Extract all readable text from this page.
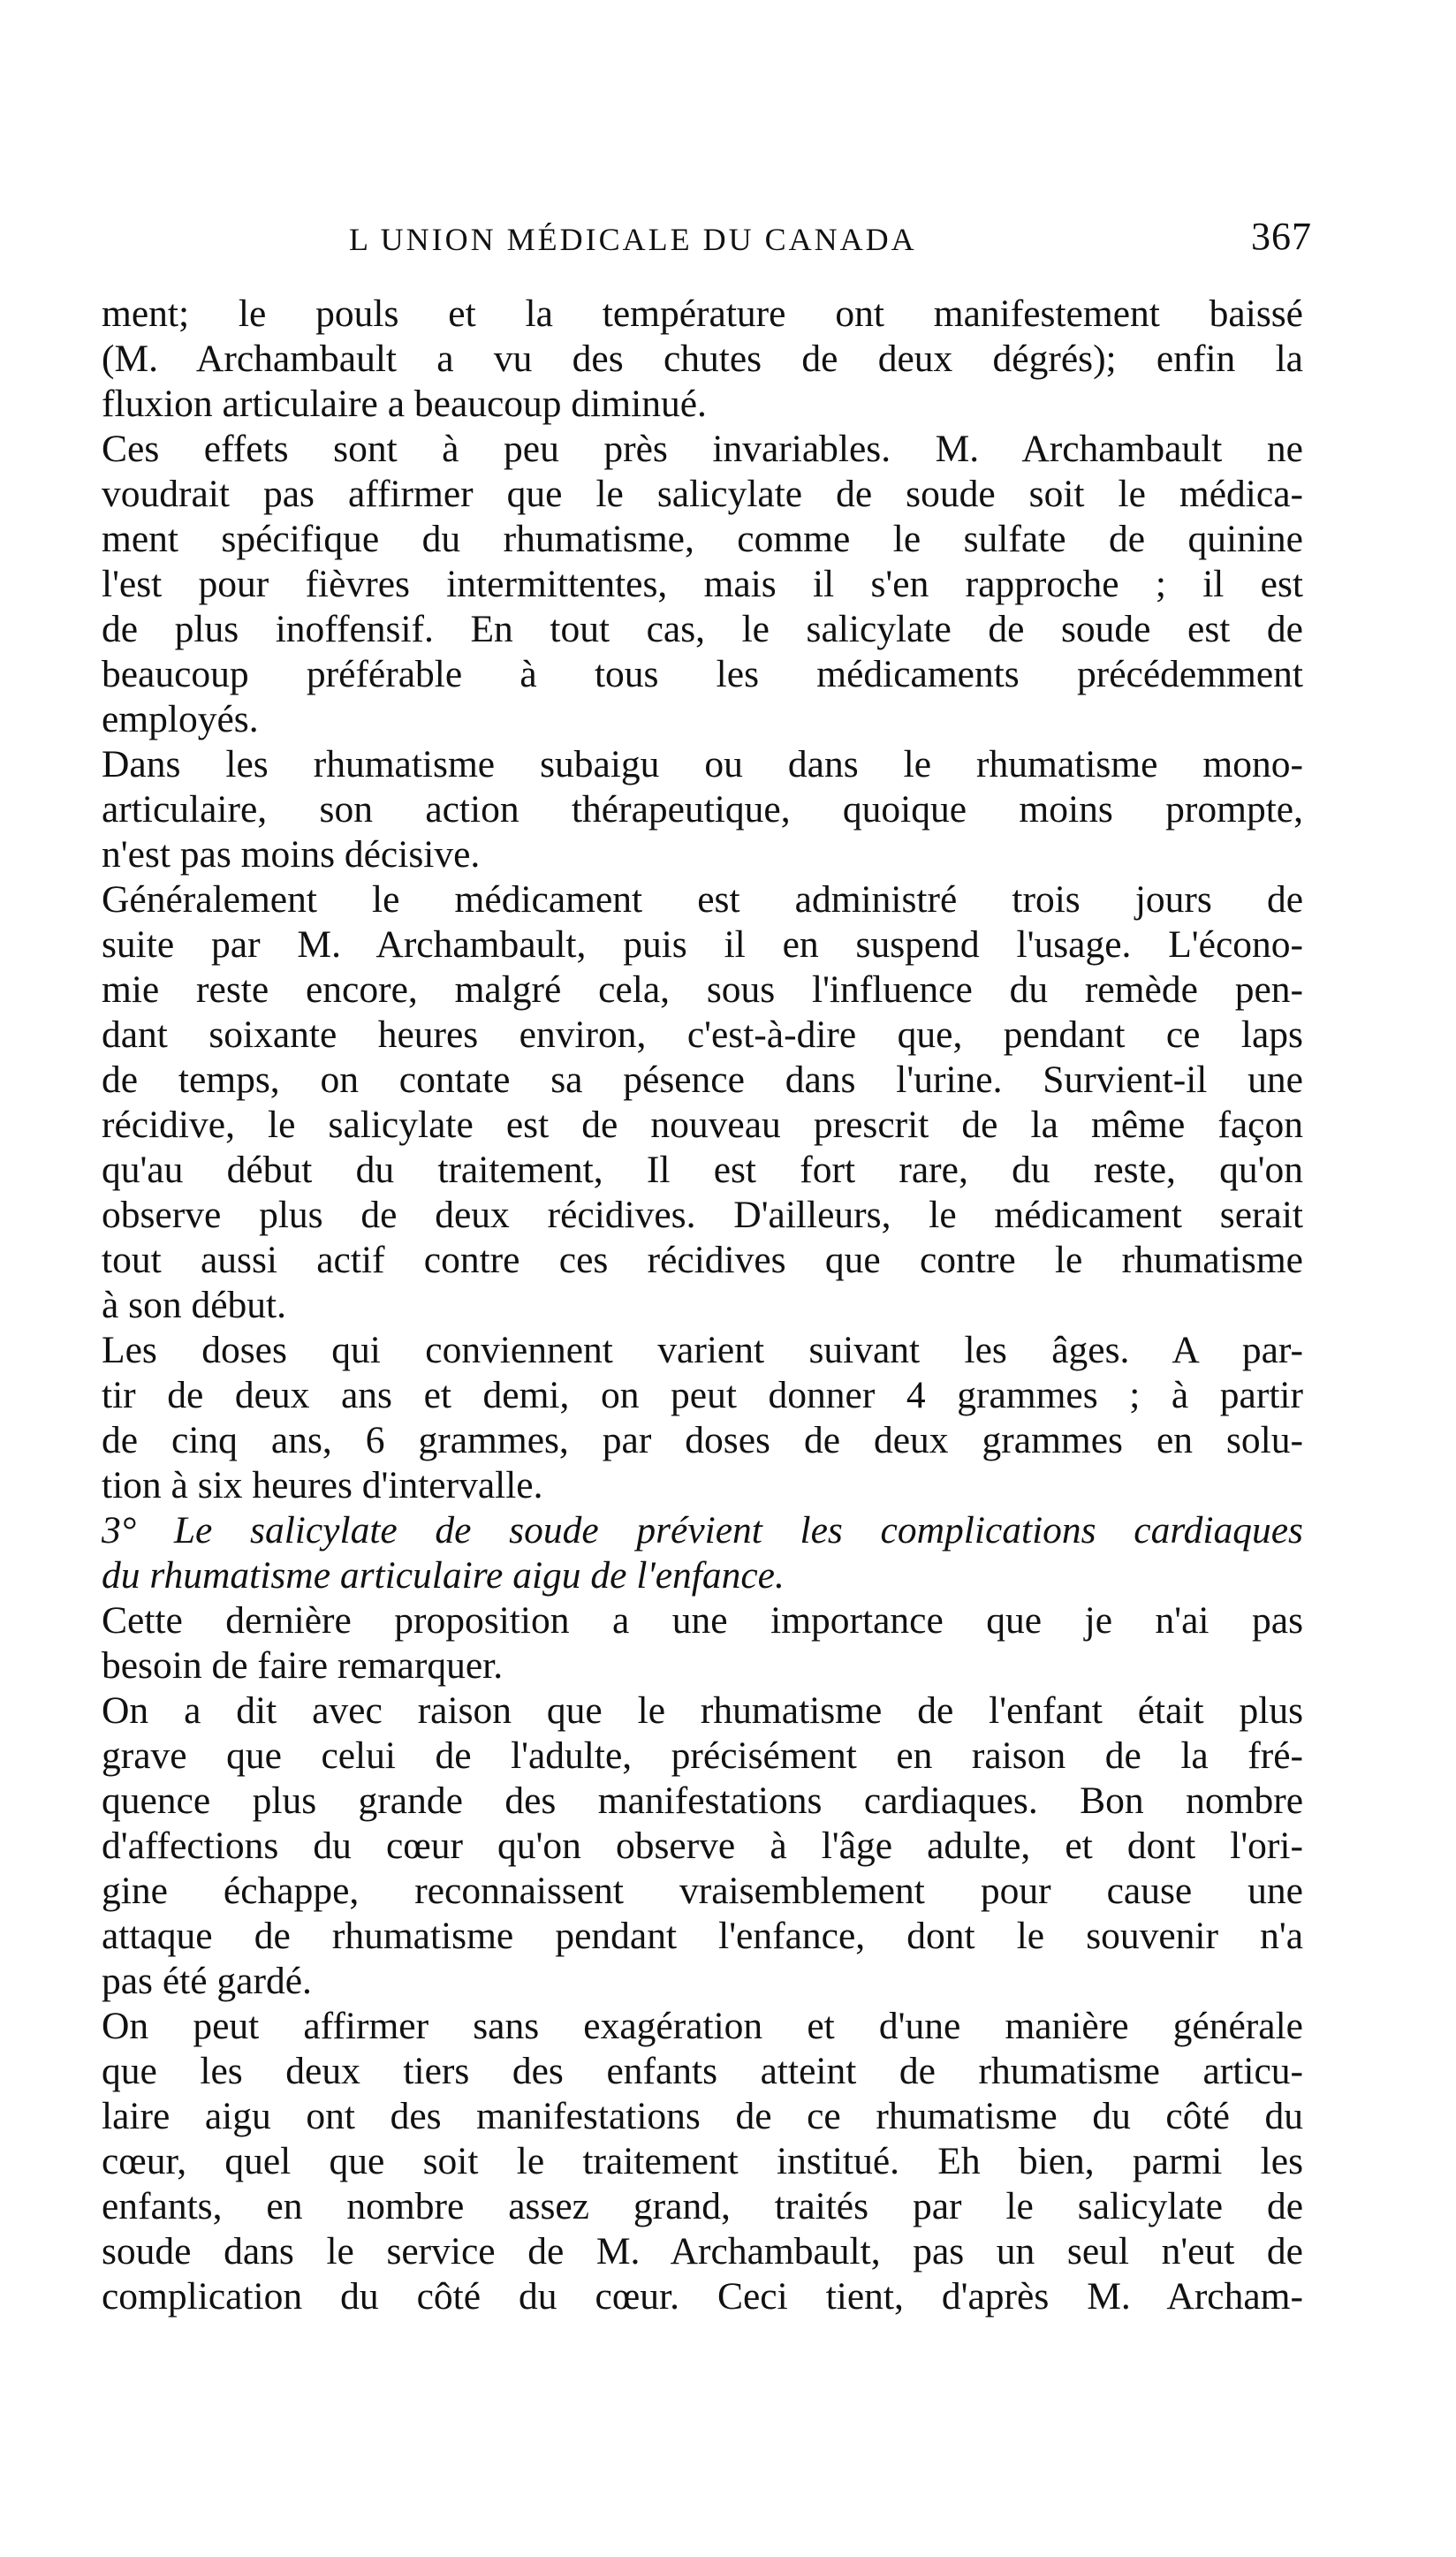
L UNION MÉDICALE DU CANADA	367
ment; le pouls et la température ont manifestement baissé
(M. Archambault a vu des chutes de deux dégrés); enfin la
fluxion articulaire a beaucoup diminué.
Ces effets sont à peu près invariables. M. Archambault ne
voudrait pas affirmer que le salicylate de soude soit le médica-
ment spécifique du rhumatisme, comme le sulfate de quinine
l'est pour fièvres intermittentes, mais il s'en rapproche ; il est
de plus inoffensif. En tout cas, le salicylate de soude est de
beaucoup préférable à tous les médicaments précédemment
employés.
Dans les rhumatisme subaigu ou dans le rhumatisme mono-
articulaire, son action thérapeutique, quoique moins prompte,
n'est pas moins décisive.
Généralement le médicament est administré trois jours de
suite par M. Archambault, puis il en suspend l'usage. L'écono-
mie reste encore, malgré cela, sous l'influence du remède pen-
dant soixante heures environ, c'est-à-dire que, pendant ce laps
de temps, on contate sa pésence dans l'urine. Survient-il une
récidive, le salicylate est de nouveau prescrit de la même façon
qu'au début du traitement, Il est fort rare, du reste, qu'on
observe plus de deux récidives. D'ailleurs, le médicament serait
tout aussi actif contre ces récidives que contre le rhumatisme
à son début.
Les doses qui conviennent varient suivant les âges. A par-
tir de deux ans et demi, on peut donner 4 grammes ; à partir
de cinq ans, 6 grammes, par doses de deux grammes en solu-
tion à six heures d'intervalle.
3° Le salicylate de soude prévient les complications cardiaques
du rhumatisme articulaire aigu de l'enfance.
Cette dernière proposition a une importance que je n'ai pas
besoin de faire remarquer.
On a dit avec raison que le rhumatisme de l'enfant était plus
grave que celui de l'adulte, précisément en raison de la fré-
quence plus grande des manifestations cardiaques. Bon nombre
d'affections du cœur qu'on observe à l'âge adulte, et dont l'ori-
gine échappe, reconnaissent vraisemblement pour cause une
attaque de rhumatisme pendant l'enfance, dont le souvenir n'a
pas été gardé.
On peut affirmer sans exagération et d'une manière générale
que les deux tiers des enfants atteint de rhumatisme articu-
laire aigu ont des manifestations de ce rhumatisme du côté du
cœur, quel que soit le traitement institué. Eh bien, parmi les
enfants, en nombre assez grand, traités par le salicylate de
soude dans le service de M. Archambault, pas un seul n'eut de
complication du côté du cœur. Ceci tient, d'après M. Archam-
